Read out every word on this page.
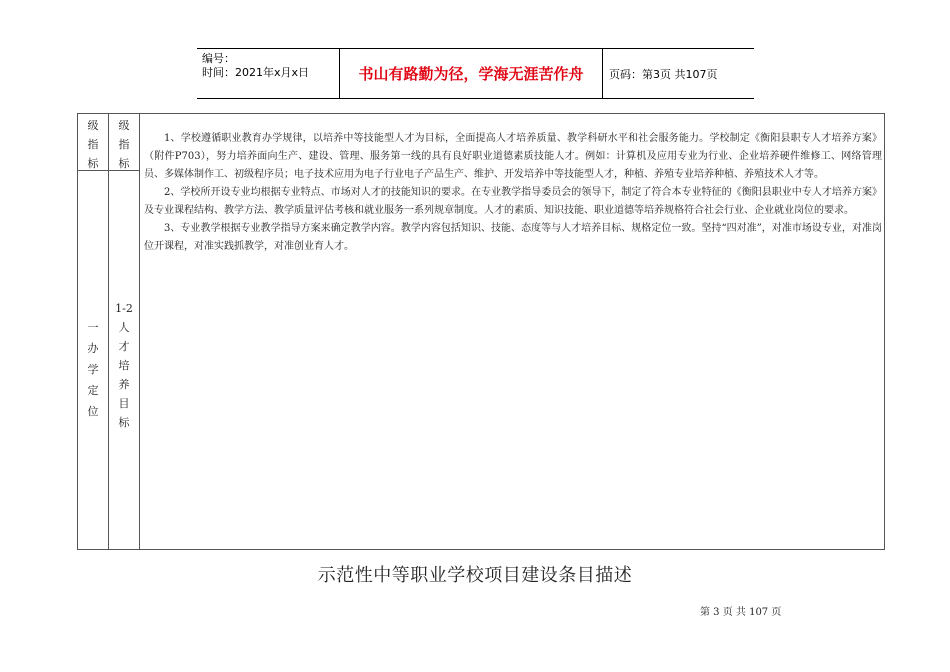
编号：
时间：2021年x月x日	书山有路勤为径，学海无涯苦作舟	页码：第3页 共107页
级
指
标
级
指
标
一
办
学
定
位
1-2
人
才
培
养
目
标

1、学校遵循职业教育办学规律，以培养中等技能型人才为目标，全面提高人才培养质量、教学科研水平和社会服务能力。学校制定《衡阳县职专人才培养方案》（附件P703），努力培养面向生产、建设、管理、服务第一线的具有良好职业道德素质技能人才。例如：计算机及应用专业为行业、企业培养硬件维修工、网络管理员、多媒体制作工、初级程序员；电子技术应用为电子行业电子产品生产、维护、开发培养中等技能型人才，种植、养殖专业培养种植、养殖技术人才等。

2、学校所开设专业均根据专业特点、市场对人才的技能知识的要求。在专业教学指导委员会的领导下，制定了符合本专业特征的《衡阳县职业中专人才培养方案》及专业课程结构、教学方法、教学质量评估考核和就业服务一系列规章制度。人才的素质、知识技能、职业道德等培养规格符合社会行业、企业就业岗位的要求。

3、专业教学根据专业教学指导方案来确定教学内容。教学内容包括知识、技能、态度等与人才培养目标、规格定位一致。坚持“四对准”，对准市场设专业，对准岗位开课程，对准实践抓教学，对准创业育人才。

示范性中等职业学校项目建设条目描述
第 3 页 共 107 页
